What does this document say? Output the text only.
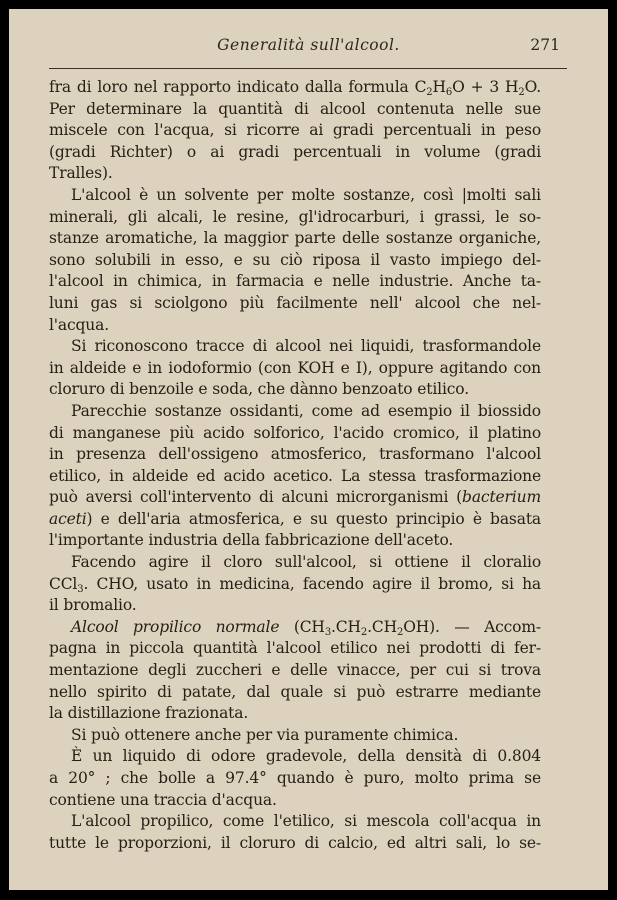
Generalità sull'alcool.	271
fra di loro nel rapporto indicato dalla formula $C_2H_6O + 3$ $H_2O$.
Per determinare la quantità di alcool contenuta nelle sue
miscele con l'acqua, si ricorre ai gradi percentuali in peso
(gradi Richter) o ai gradi percentuali in volume (gradi
Tralles).
L'alcool è un solvente per molte sostanze, così |molti sali
minerali, gli alcali, le resine, gl'idrocarburi, i grassi, le so-
stanze aromatiche, la maggior parte delle sostanze organiche,
sono solubili in esso, e su ciò riposa il vasto impiego del-
l'alcool in chimica, in farmacia e nelle industrie. Anche ta-
luni gas si sciolgono più facilmente nell' alcool che nel-
l'acqua.
Si riconoscono tracce di alcool nei liquidi, trasformandole
in aldeide e in iodoformio (con KOH e I), oppure agitando con
cloruro di benzoile e soda, che dànno benzoato etilico.
Parecchie sostanze ossidanti, come ad esempio il biossido
di manganese più acido solforico, l'acido cromico, il platino
in presenza dell'ossigeno atmosferico, trasformano l'alcool
etilico, in aldeide ed acido acetico. La stessa trasformazione
può aversi coll'intervento di alcuni microrganismi (bacterium
aceti) e dell'aria atmosferica, e su questo principio è basata
l'importante industria della fabbricazione dell'aceto.
Facendo agire il cloro sull'alcool, si ottiene il cloralio
CCl$_3$. CHO, usato in medicina, facendo agire il bromo, si ha
il bromalio.
Alcool propilico normale $(CH_3.CH_2.CH_2OH)$. — Accom-
pagna in piccola quantità l'alcool etilico nei prodotti di fer-
mentazione degli zuccheri e delle vinacce, per cui si trova
nello spirito di patate, dal quale si può estrarre mediante
la distillazione frazionata.
Si può ottenere anche per via puramente chimica.
È un liquido di odore gradevole, della densità di 0.804
a 20° ; che bolle a 97.4° quando è puro, molto prima se
contiene una traccia d'acqua.
L'alcool propilico, come l'etilico, si mescola coll'acqua in
tutte le proporzioni, il cloruro di calcio, ed altri sali, lo se-
